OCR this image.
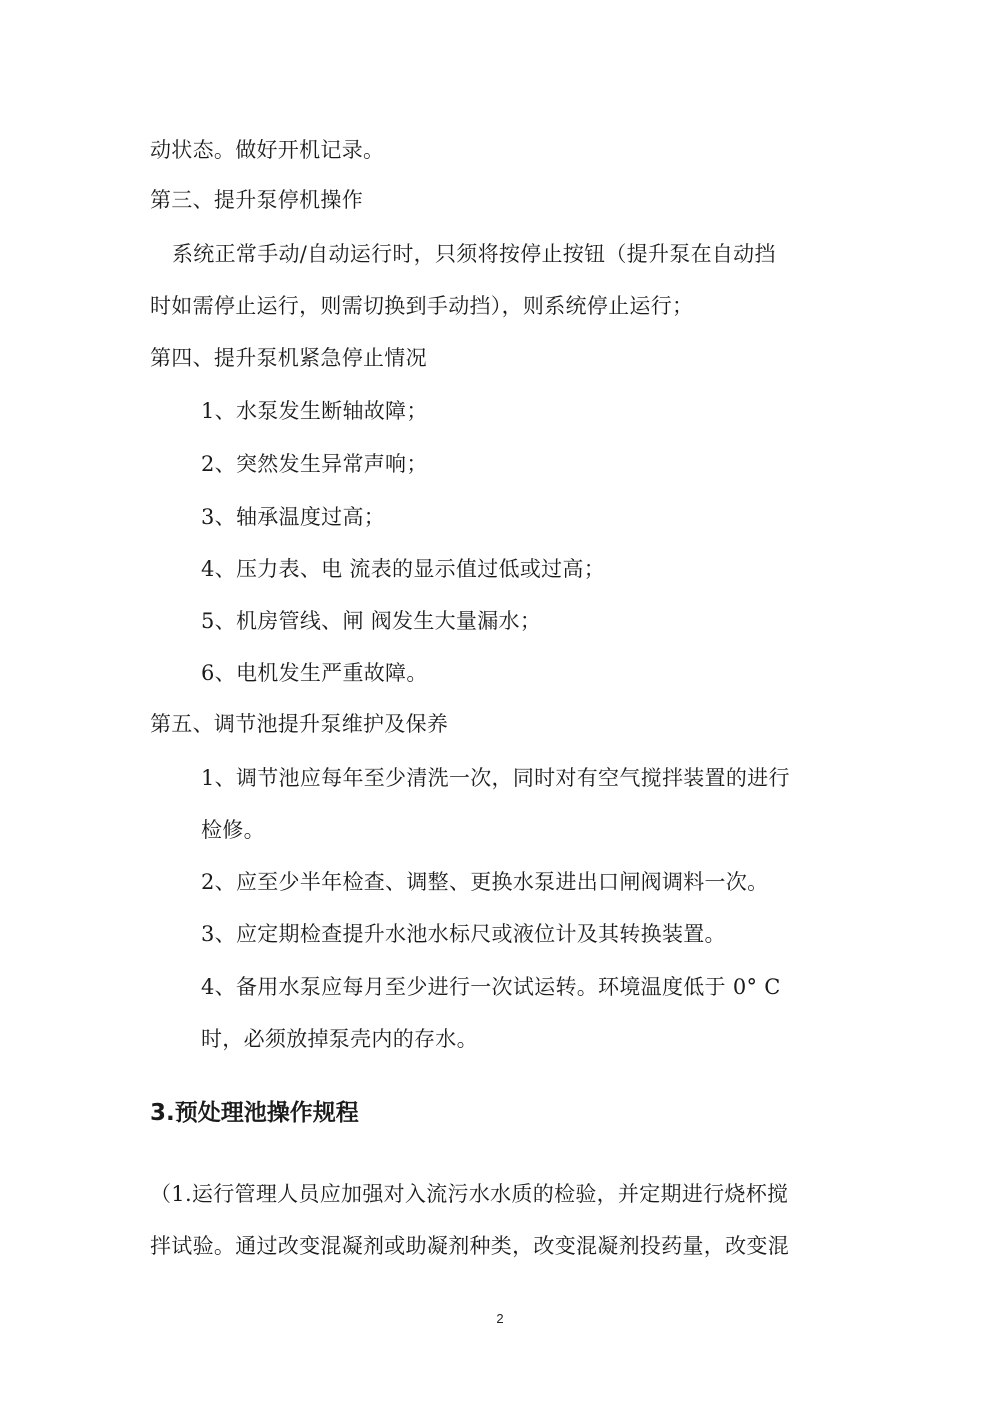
动状态。做好开机记录。
第三、提升泵停机操作
系统正常手动/自动运行时，只须将按停止按钮（提升泵在自动挡
时如需停止运行，则需切换到手动挡），则系统停止运行；
第四、提升泵机紧急停止情况
1、水泵发生断轴故障；
2、突然发生异常声响；
3、轴承温度过高；
4、压力表、电 流表的显示值过低或过高；
5、机房管线、闸 阀发生大量漏水；
6、电机发生严重故障。
第五、调节池提升泵维护及保养
1、调节池应每年至少清洗一次，同时对有空气搅拌装置的进行
检修。
2、应至少半年检查、调整、更换水泵进出口闸阀调料一次。
3、应定期检查提升水池水标尺或液位计及其转换装置。
4、备用水泵应每月至少进行一次试运转。环境温度低于 0° C
时，必须放掉泵壳内的存水。
3.预处理池操作规程
（1.运行管理人员应加强对入流污水水质的检验，并定期进行烧杯搅
拌试验。通过改变混凝剂或助凝剂种类，改变混凝剂投药量，改变混
2
